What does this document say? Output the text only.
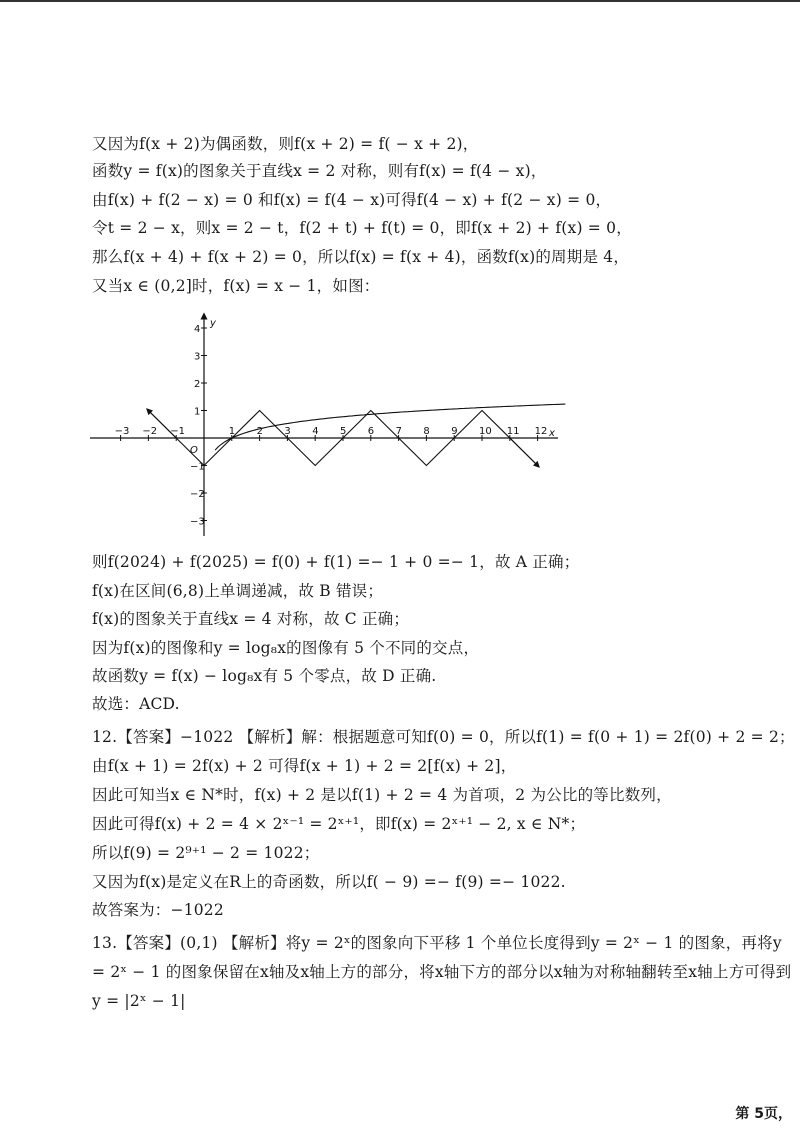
又因为f(x + 2)为偶函数，则f(x + 2) = f( − x + 2)，
函数y = f(x)的图象关于直线x = 2 对称，则有f(x) = f(4 − x)，
由f(x) + f(2 − x) = 0 和f(x) = f(4 − x)可得f(4 − x) + f(2 − x) = 0，
令t = 2 − x，则x = 2 − t，f(2 + t) + f(t) = 0，即f(x + 2) + f(x) = 0，
那么f(x + 4) + f(x + 2) = 0，所以f(x) = f(x + 4)，函数f(x)的周期是 4，
又当x ∈ (0,2]时，f(x) = x − 1，如图：
y
x
O
−3 −2 −1	1 2 3 4 5 6 7 8 9 10 11 12
4
3
2
1
−1
−2
−3
则f(2024) + f(2025) = f(0) + f(1) =− 1 + 0 =− 1，故 A 正确；
f(x)在区间(6,8)上单调递减，故 B 错误；
f(x)的图象关于直线x = 4 对称，故 C 正确；
因为f(x)的图像和y = log₈x的图像有 5 个不同的交点，
故函数y = f(x) − log₈x有 5 个零点，故 D 正确.
故选：ACD.
12.【答案】−1022 【解析】解：根据题意可知f(0) = 0，所以f(1) = f(0 + 1) = 2f(0) + 2 = 2；
由f(x + 1) = 2f(x) + 2 可得f(x + 1) + 2 = 2[f(x) + 2]，
因此可知当x ∈ N*时，f(x) + 2 是以f(1) + 2 = 4 为首项，2 为公比的等比数列，
因此可得f(x) + 2 = 4 × 2ˣ⁻¹ = 2ˣ⁺¹，即f(x) = 2ˣ⁺¹ − 2, x ∈ N*；
所以f(9) = 2⁹⁺¹ − 2 = 1022；
又因为f(x)是定义在R上的奇函数，所以f( − 9) =− f(9) =− 1022.
故答案为：−1022
13.【答案】(0,1) 【解析】将y = 2ˣ的图象向下平移 1 个单位长度得到y = 2ˣ − 1 的图象，再将y = 2ˣ − 1 的图象保留在x轴及x轴上方的部分，将x轴下方的部分以x轴为对称轴翻转至x轴上方可得到y = |2ˣ − 1|
第 5页，
